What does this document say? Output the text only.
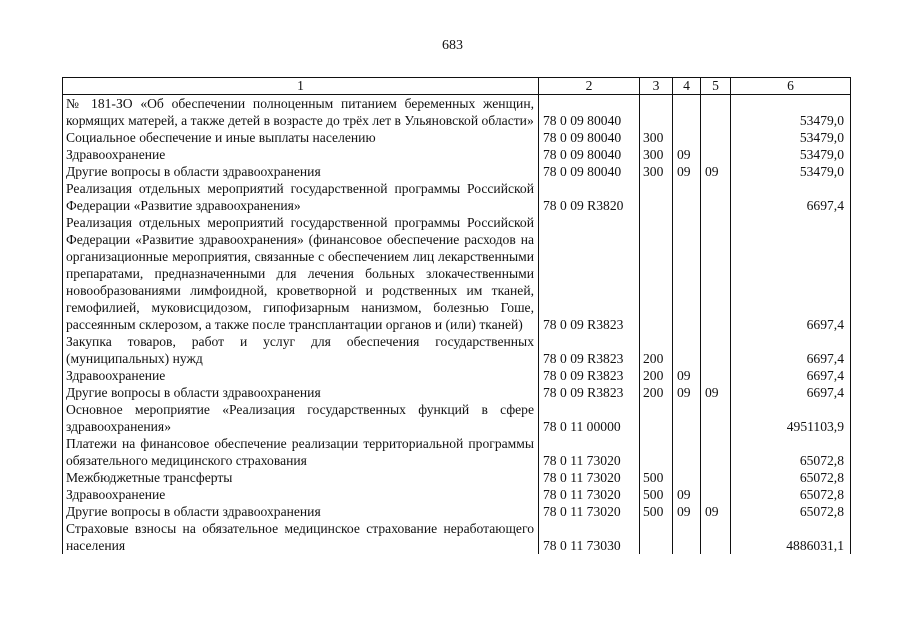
683
1	2	3	4	5	6
№ 181-ЗО «Об обеспечении полноценным питанием беременных женщин, кормящих матерей, а также детей в возрасте до трёх лет в Ульяновской области»	78 0 09 80040				53479,0
Социальное обеспечение и иные выплаты населению	78 0 09 80040	300			53479,0
Здравоохранение	78 0 09 80040	300	09		53479,0
Другие вопросы в области здравоохранения	78 0 09 80040	300	09	09	53479,0
Реализация отдельных мероприятий государственной программы Российской Федерации «Развитие здравоохранения»	78 0 09 R3820				6697,4
Реализация отдельных мероприятий государственной программы Российской Федерации «Развитие здравоохранения» (финансовое обеспечение расходов на организационные мероприятия, связанные с обеспечением лиц лекарственными препаратами, предназначенными для лечения больных злокачественными новообразованиями лимфоидной, кроветворной и родственных им тканей, гемофилией, муковисцидозом, гипофизарным нанизмом, болезнью Гоше, рассеянным склерозом, а также после трансплантации органов и (или) тканей)	78 0 09 R3823				6697,4
Закупка товаров, работ и услуг для обеспечения государственных (муниципальных) нужд	78 0 09 R3823	200			6697,4
Здравоохранение	78 0 09 R3823	200	09		6697,4
Другие вопросы в области здравоохранения	78 0 09 R3823	200	09	09	6697,4
Основное мероприятие «Реализация государственных функций в сфере здравоохранения»	78 0 11 00000				4951103,9
Платежи на финансовое обеспечение реализации территориальной программы обязательного медицинского страхования	78 0 11 73020				65072,8
Межбюджетные трансферты	78 0 11 73020	500			65072,8
Здравоохранение	78 0 11 73020	500	09		65072,8
Другие вопросы в области здравоохранения	78 0 11 73020	500	09	09	65072,8
Страховые взносы на обязательное медицинское страхование неработающего населения	78 0 11 73030				4886031,1
